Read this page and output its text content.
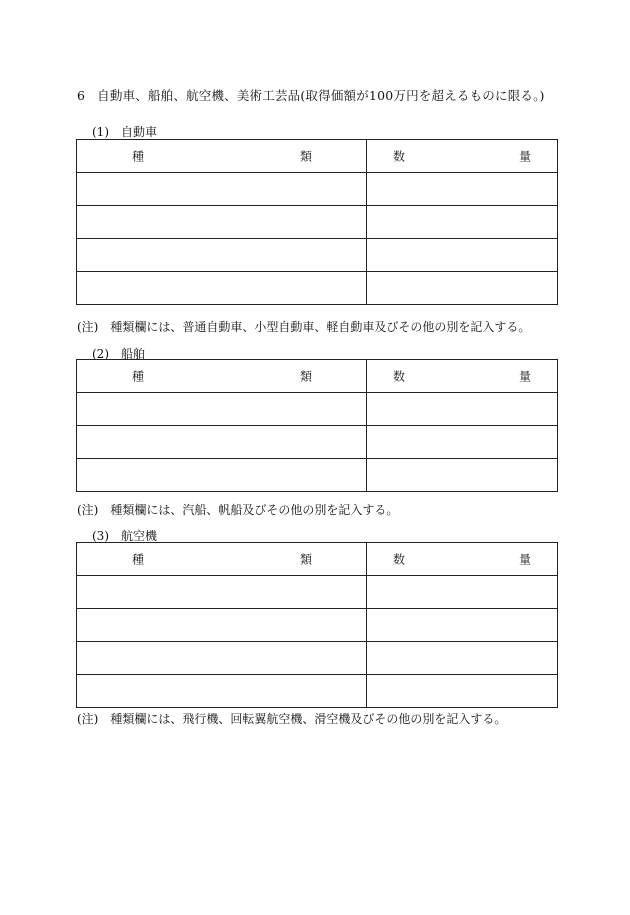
6 自動車、船舶、航空機、美術工芸品(取得価額が100万円を超えるものに限る。)
(1) 自動車
種 類	数 量

(注) 種類欄には、普通自動車、小型自動車、軽自動車及びその他の別を記入する。
(2) 船舶
種 類	数 量

(注) 種類欄には、汽船、帆船及びその他の別を記入する。
(3) 航空機
種 類	数 量

(注) 種類欄には、飛行機、回転翼航空機、滑空機及びその他の別を記入する。
